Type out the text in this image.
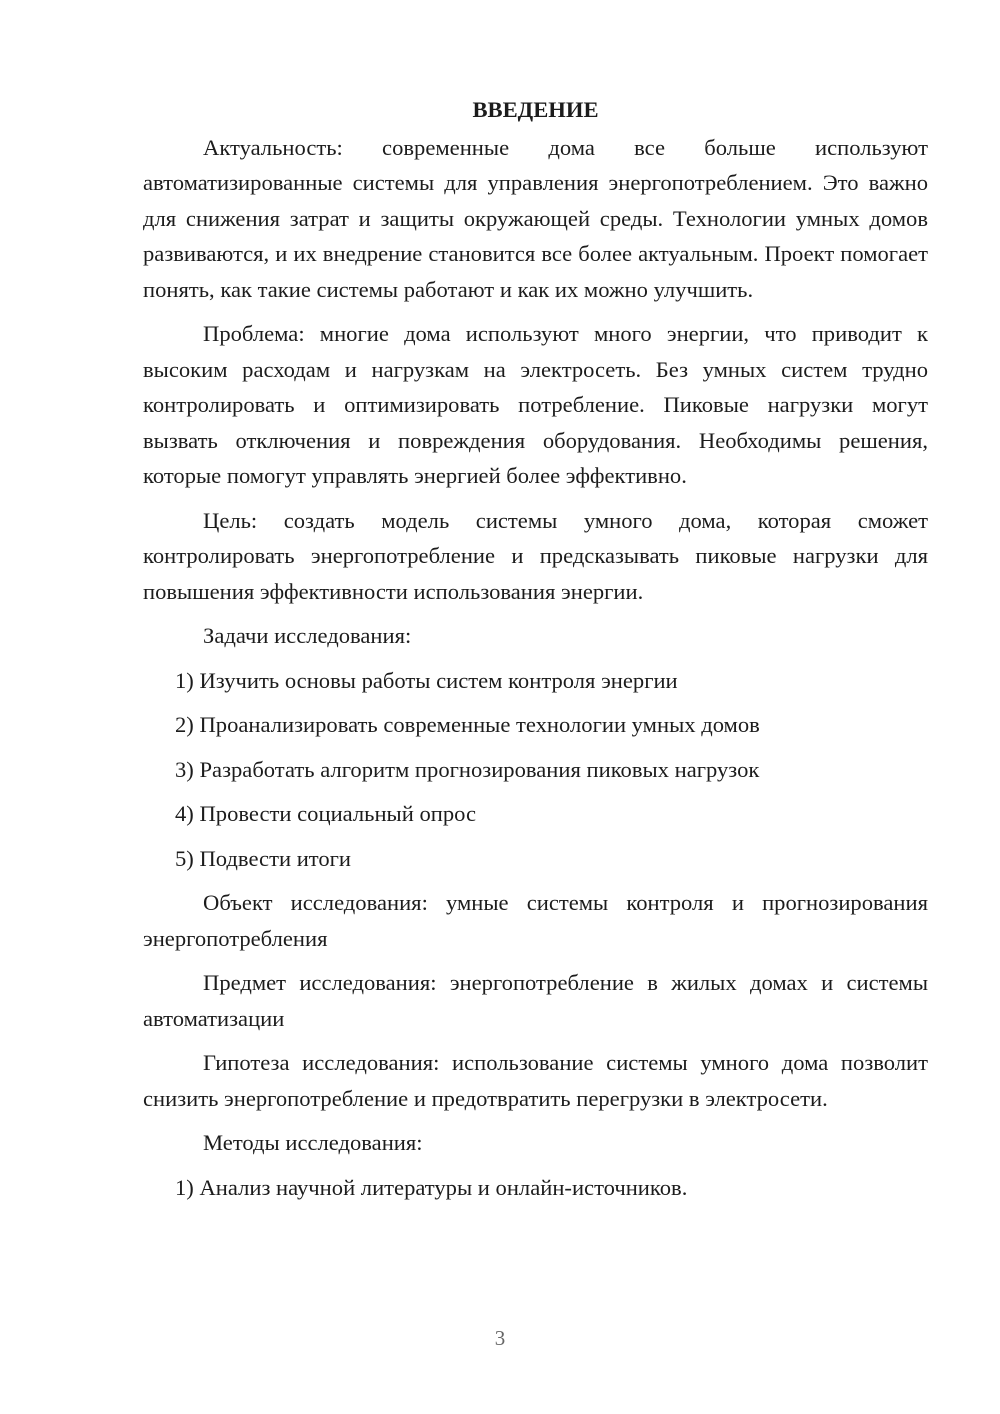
ВВЕДЕНИЕ

Актуальность: современные дома все больше используют автоматизированные системы для управления энергопотреблением. Это важно для снижения затрат и защиты окружающей среды. Технологии умных домов развиваются, и их внедрение становится все более актуальным. Проект помогает понять, как такие системы работают и как их можно улучшить.

Проблема: многие дома используют много энергии, что приводит к высоким расходам и нагрузкам на электросеть. Без умных систем трудно контролировать и оптимизировать потребление. Пиковые нагрузки могут вызвать отключения и повреждения оборудования. Необходимы решения, которые помогут управлять энергией более эффективно.

Цель: создать модель системы умного дома, которая сможет контролировать энергопотребление и предсказывать пиковые нагрузки для повышения эффективности использования энергии.

Задачи исследования:

1) Изучить основы работы систем контроля энергии

2) Проанализировать современные технологии умных домов

3) Разработать алгоритм прогнозирования пиковых нагрузок

4) Провести социальный опрос

5) Подвести итоги

Объект исследования: умные системы контроля и прогнозирования энергопотребления

Предмет исследования: энергопотребление в жилых домах и системы автоматизации

Гипотеза исследования: использование системы умного дома позволит снизить энергопотребление и предотвратить перегрузки в электросети.

Методы исследования:

1) Анализ научной литературы и онлайн-источников.

3
